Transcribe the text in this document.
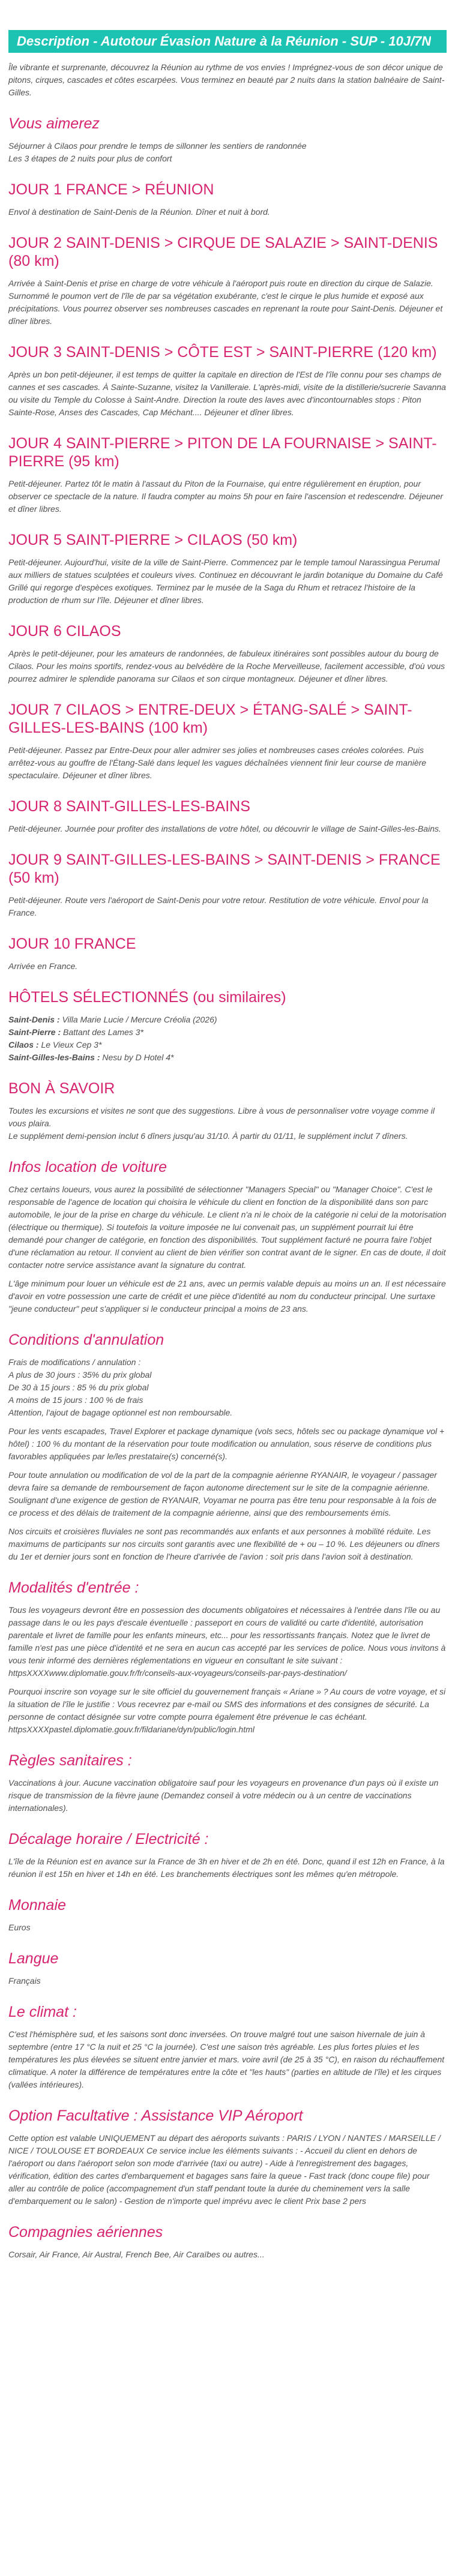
Description - Autotour Évasion Nature à la Réunion - SUP - 10J/7N

Île vibrante et surprenante, découvrez la Réunion au rythme de vos envies ! Imprégnez-vous de son décor unique de pitons, cirques, cascades et côtes escarpées. Vous terminez en beauté par 2 nuits dans la station balnéaire de Saint-Gilles.

Vous aimerez

Séjourner à Cilaos pour prendre le temps de sillonner les sentiers de randonnée

Les 3 étapes de 2 nuits pour plus de confort

JOUR 1 FRANCE > RÉUNION

Envol à destination de Saint-Denis de la Réunion. Dîner et nuit à bord.

JOUR 2 SAINT-DENIS > CIRQUE DE SALAZIE > SAINT-DENIS (80 km)

Arrivée à Saint-Denis et prise en charge de votre véhicule à l'aéroport puis route en direction du cirque de Salazie. Surnommé le poumon vert de l'île de par sa végétation exubérante, c'est le cirque le plus humide et exposé aux précipitations. Vous pourrez observer ses nombreuses cascades en reprenant la route pour Saint-Denis. Déjeuner et dîner libres.

JOUR 3 SAINT-DENIS > CÔTE EST > SAINT-PIERRE (120 km)

Après un bon petit-déjeuner, il est temps de quitter la capitale en direction de l'Est de l'île connu pour ses champs de cannes et ses cascades. À Sainte-Suzanne, visitez la Vanilleraie. L'après-midi, visite de la distillerie/sucrerie Savanna ou visite du Temple du Colosse à Saint-Andre. Direction la route des laves avec d'incontournables stops : Piton Sainte-Rose, Anses des Cascades, Cap Méchant.... Déjeuner et dîner libres.

JOUR 4 SAINT-PIERRE > PITON DE LA FOURNAISE > SAINT-PIERRE (95 km)

Petit-déjeuner. Partez tôt le matin à l'assaut du Piton de la Fournaise, qui entre régulièrement en éruption, pour observer ce spectacle de la nature. Il faudra compter au moins 5h pour en faire l'ascension et redescendre. Déjeuner et dîner libres.

JOUR 5 SAINT-PIERRE > CILAOS (50 km)

Petit-déjeuner. Aujourd'hui, visite de la ville de Saint-Pierre. Commencez par le temple tamoul Narassingua Perumal aux milliers de statues sculptées et couleurs vives. Continuez en découvrant le jardin botanique du Domaine du Café Grillé qui regorge d'espèces exotiques. Terminez par le musée de la Saga du Rhum et retracez l'histoire de la production de rhum sur l'île. Déjeuner et dîner libres.

JOUR 6 CILAOS

Après le petit-déjeuner, pour les amateurs de randonnées, de fabuleux itinéraires sont possibles autour du bourg de Cilaos. Pour les moins sportifs, rendez-vous au belvédère de la Roche Merveilleuse, facilement accessible, d'où vous pourrez admirer le splendide panorama sur Cilaos et son cirque montagneux. Déjeuner et dîner libres.

JOUR 7 CILAOS > ENTRE-DEUX > ÉTANG-SALÉ > SAINT-GILLES-LES-BAINS (100 km)

Petit-déjeuner. Passez par Entre-Deux pour aller admirer ses jolies et nombreuses cases créoles colorées. Puis arrêtez-vous au gouffre de l'Étang-Salé dans lequel les vagues déchaînées viennent finir leur course de manière spectaculaire. Déjeuner et dîner libres.

JOUR 8 SAINT-GILLES-LES-BAINS

Petit-déjeuner. Journée pour profiter des installations de votre hôtel, ou découvrir le village de Saint-Gilles-les-Bains.

JOUR 9 SAINT-GILLES-LES-BAINS > SAINT-DENIS > FRANCE (50 km)

Petit-déjeuner. Route vers l'aéroport de Saint-Denis pour votre retour. Restitution de votre véhicule. Envol pour la France.

JOUR 10 FRANCE

Arrivée en France.

HÔTELS SÉLECTIONNÉS (ou similaires)

Saint-Denis : Villa Marie Lucie / Mercure Créolia (2026)

Saint-Pierre : Battant des Lames 3*

Cilaos : Le Vieux Cep 3*

Saint-Gilles-les-Bains : Nesu by D Hotel 4*

BON À SAVOIR

Toutes les excursions et visites ne sont que des suggestions. Libre à vous de personnaliser votre voyage comme il vous plaira.

Le supplément demi-pension inclut 6 dîners jusqu'au 31/10. À partir du 01/11, le supplément inclut 7 dîners.

Infos location de voiture

Chez certains loueurs, vous aurez la possibilité de sélectionner "Managers Special" ou "Manager Choice". C'est le responsable de l'agence de location qui choisira le véhicule du client en fonction de la disponibilité dans son parc automobile, le jour de la prise en charge du véhicule. Le client n'a ni le choix de la catégorie ni celui de la motorisation (électrique ou thermique). Si toutefois la voiture imposée ne lui convenait pas, un supplément pourrait lui être demandé pour changer de catégorie, en fonction des disponibilités. Tout supplément facturé ne pourra faire l'objet d'une réclamation au retour. Il convient au client de bien vérifier son contrat avant de le signer. En cas de doute, il doit contacter notre service assistance avant la signature du contrat.

L'âge minimum pour louer un véhicule est de 21 ans, avec un permis valable depuis au moins un an. Il est nécessaire d'avoir en votre possession une carte de crédit et une pièce d'identité au nom du conducteur principal. Une surtaxe "jeune conducteur" peut s'appliquer si le conducteur principal a moins de 23 ans.

Conditions d'annulation

Frais de modifications / annulation :

A plus de 30 jours : 35% du prix global

De 30 à 15 jours : 85 % du prix global

A moins de 15 jours : 100 % de frais

Attention, l'ajout de bagage optionnel est non remboursable.

Pour les vents escapades, Travel Explorer et package dynamique (vols secs, hôtels sec ou package dynamique vol + hôtel) : 100 % du montant de la réservation pour toute modification ou annulation, sous réserve de conditions plus favorables appliquées par le/les prestataire(s) concerné(s).

Pour toute annulation ou modification de vol de la part de la compagnie aérienne RYANAIR, le voyageur / passager devra faire sa demande de remboursement de façon autonome directement sur le site de la compagnie aérienne. Soulignant d'une exigence de gestion de RYANAIR, Voyamar ne pourra pas être tenu pour responsable à la fois de ce process et des délais de traitement de la compagnie aérienne, ainsi que des remboursements émis.

Nos circuits et croisières fluviales ne sont pas recommandés aux enfants et aux personnes à mobilité réduite. Les maximums de participants sur nos circuits sont garantis avec une flexibilité de + ou – 10 %. Les déjeuners ou dîners du 1er et dernier jours sont en fonction de l'heure d'arrivée de l'avion : soit pris dans l'avion soit à destination.

Modalités d'entrée :

Tous les voyageurs devront être en possession des documents obligatoires et nécessaires à l'entrée dans l'île ou au passage dans le ou les pays d'escale éventuelle : passeport en cours de validité ou carte d'identité, autorisation parentale et livret de famille pour les enfants mineurs, etc... pour les ressortissants français. Notez que le livret de famille n'est pas une pièce d'identité et ne sera en aucun cas accepté par les services de police. Nous vous invitons à vous tenir informé des dernières réglementations en vigueur en consultant le site suivant : httpsXXXXwww.diplomatie.gouv.fr/fr/conseils-aux-voyageurs/conseils-par-pays-destination/

Pourquoi inscrire son voyage sur le site officiel du gouvernement français « Ariane » ? Au cours de votre voyage, et si la situation de l'île le justifie : Vous recevrez par e-mail ou SMS des informations et des consignes de sécurité. La personne de contact désignée sur votre compte pourra également être prévenue le cas échéant. httpsXXXXpastel.diplomatie.gouv.fr/fildariane/dyn/public/login.html

Règles sanitaires :

Vaccinations à jour. Aucune vaccination obligatoire sauf pour les voyageurs en provenance d'un pays où il existe un risque de transmission de la fièvre jaune (Demandez conseil à votre médecin ou à un centre de vaccinations internationales).

Décalage horaire / Electricité :

L'île de la Réunion est en avance sur la France de 3h en hiver et de 2h en été. Donc, quand il est 12h en France, à la réunion il est 15h en hiver et 14h en été. Les branchements électriques sont les mêmes qu'en métropole.

Monnaie

Euros

Langue

Français

Le climat :

C'est l'hémisphère sud, et les saisons sont donc inversées. On trouve malgré tout une saison hivernale de juin à septembre (entre 17 °C la nuit et 25 °C la journée). C'est une saison très agréable. Les plus fortes pluies et les températures les plus élevées se situent entre janvier et mars. voire avril (de 25 à 35 °C), en raison du réchauffement climatique. A noter la différence de températures entre la côte et "les hauts" (parties en altitude de l'île) et les cirques (vallées intérieures).

Option Facultative : Assistance VIP Aéroport

Cette option est valable UNIQUEMENT au départ des aéroports suivants : PARIS / LYON / NANTES / MARSEILLE / NICE / TOULOUSE ET BORDEAUX Ce service inclue les éléments suivants : - Accueil du client en dehors de l'aéroport ou dans l'aéroport selon son mode d'arrivée (taxi ou autre) - Aide à l'enregistrement des bagages, vérification, édition des cartes d'embarquement et bagages sans faire la queue - Fast track (donc coupe file) pour aller au contrôle de police (accompagnement d'un staff pendant toute la durée du cheminement vers la salle d'embarquement ou le salon) - Gestion de n'importe quel imprévu avec le client Prix base 2 pers

Compagnies aériennes

Corsair, Air France, Air Austral, French Bee, Air Caraïbes ou autres...
